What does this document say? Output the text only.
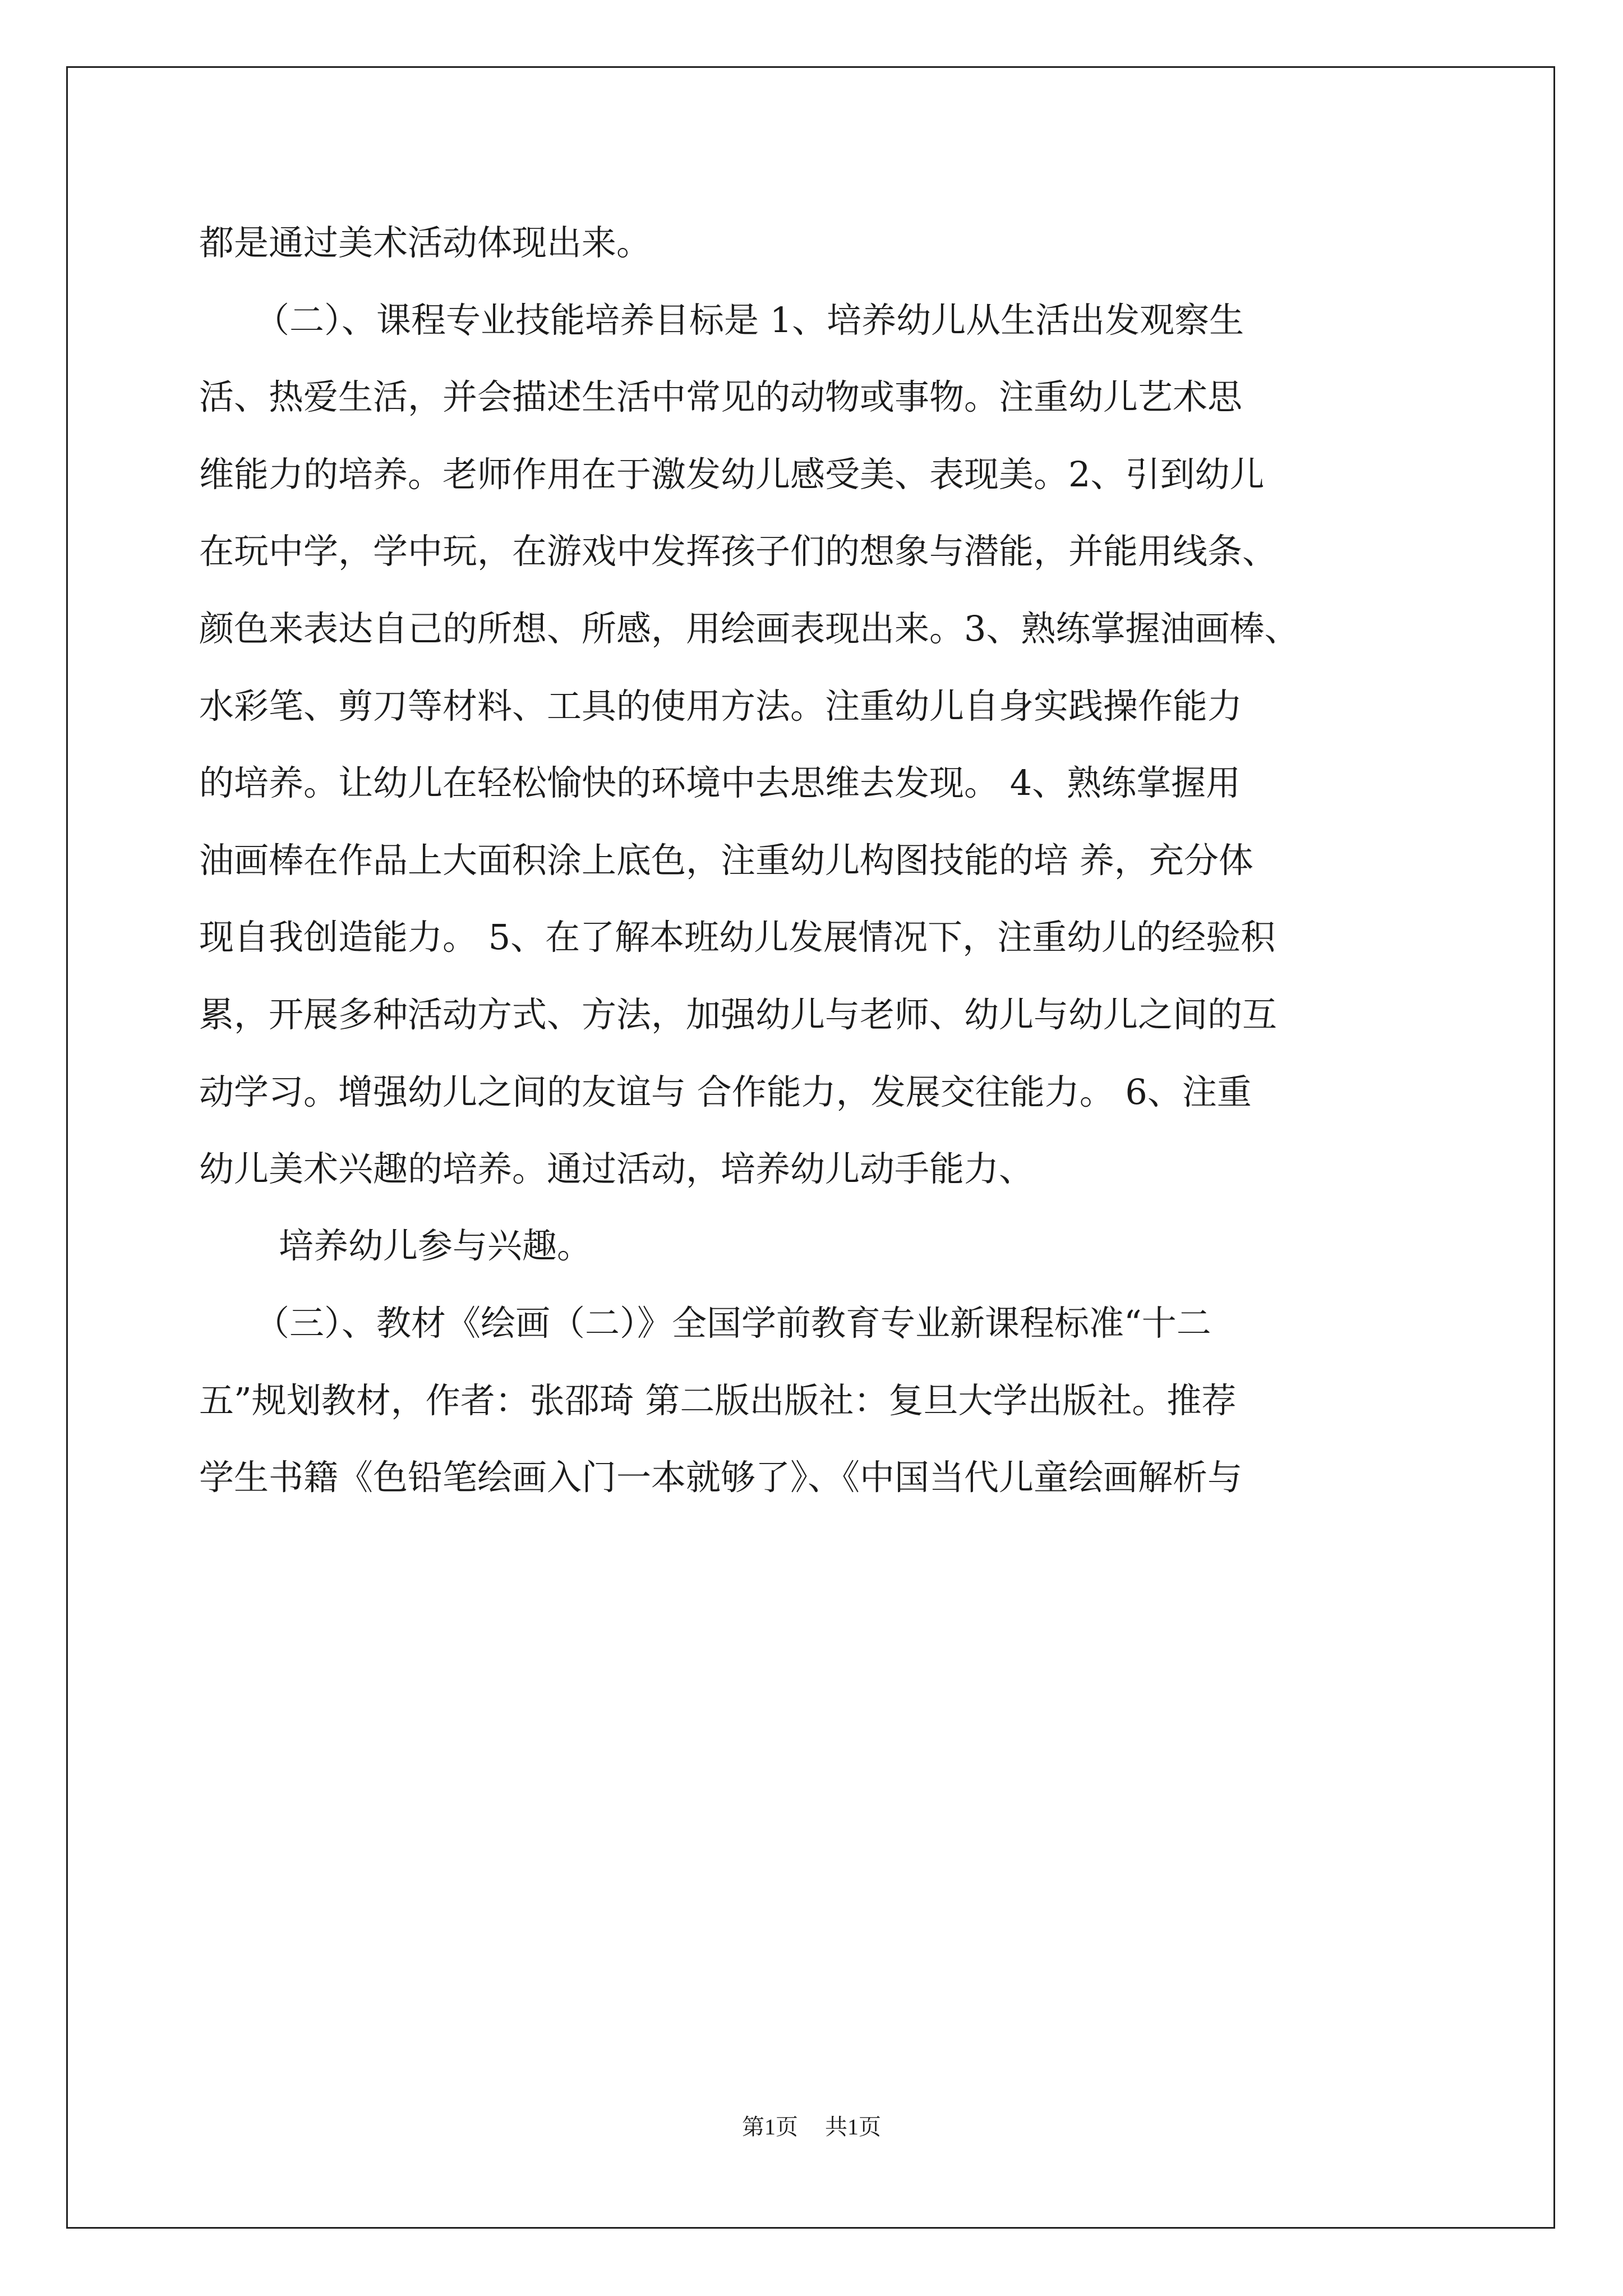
都是通过美术活动体现出来。
（二）、课程专业技能培养目标是 1、培养幼儿从生活出发观察生
活、热爱生活，并会描述生活中常见的动物或事物。注重幼儿艺术思
维能力的培养。老师作用在于激发幼儿感受美、表现美。2、引到幼儿
在玩中学，学中玩，在游戏中发挥孩子们的想象与潜能，并能用线条、
颜色来表达自己的所想、所感，用绘画表现出来。3、熟练掌握油画棒、
水彩笔、剪刀等材料、工具的使用方法。注重幼儿自身实践操作能力
的培养。让幼儿在轻松愉快的环境中去思维去发现。 4、熟练掌握用
油画棒在作品上大面积涂上底色，注重幼儿构图技能的培 养，充分体
现自我创造能力。 5、在了解本班幼儿发展情况下，注重幼儿的经验积
累，开展多种活动方式、方法，加强幼儿与老师、幼儿与幼儿之间的互
动学习。增强幼儿之间的友谊与 合作能力，发展交往能力。 6、注重
幼儿美术兴趣的培养。通过活动，培养幼儿动手能力、
培养幼儿参与兴趣。
（三）、教材《绘画（二）》全国学前教育专业新课程标准“十二
五”规划教材，作者：张邵琦 第二版出版社：复旦大学出版社。推荐
学生书籍《色铅笔绘画入门一本就够了》、《中国当代儿童绘画解析与
第1页 共1页
